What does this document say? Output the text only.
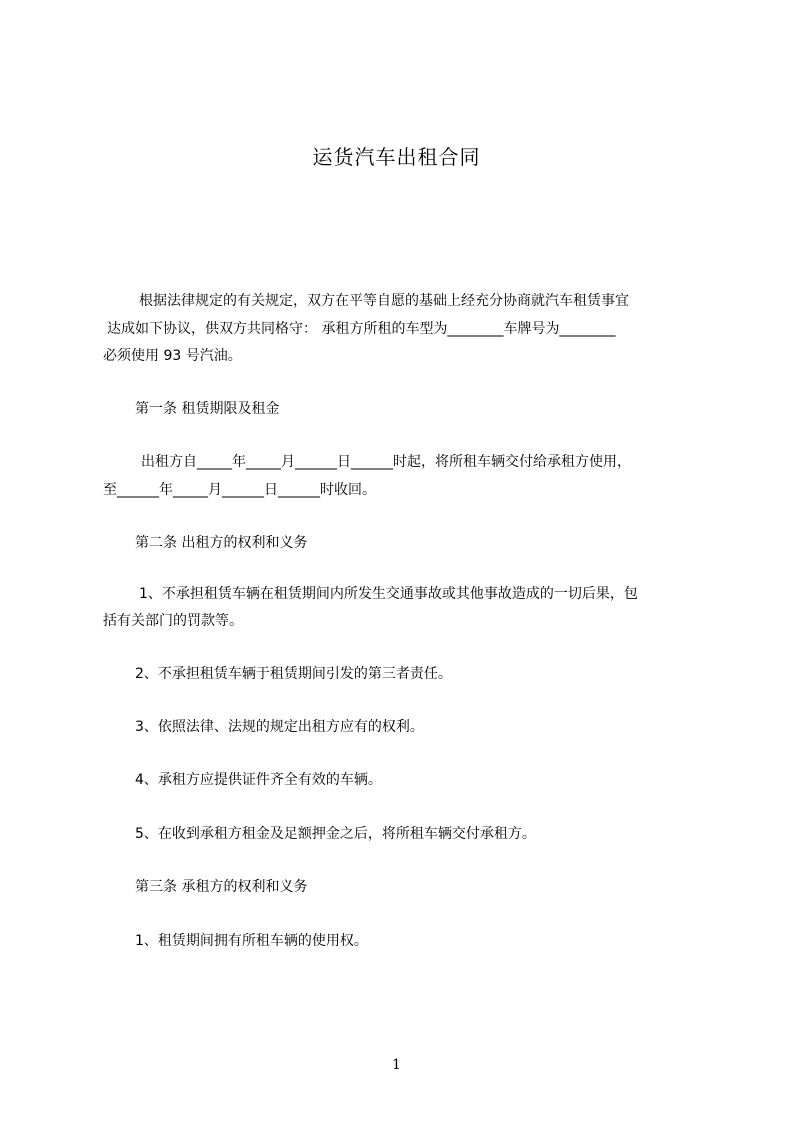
运货汽车出租合同
根据法律规定的有关规定，双方在平等自愿的基础上经充分协商就汽车租赁事宜
达成如下协议，供双方共同格守： 承租方所租的车型为________车牌号为________
必须使用 93 号汽油。
第一条 租赁期限及租金
出租方自_____年_____月______日______时起，将所租车辆交付给承租方使用，
至______年_____月______日______时收回。
第二条 出租方的权利和义务
1、不承担租赁车辆在租赁期间内所发生交通事故或其他事故造成的一切后果，包
括有关部门的罚款等。
2、不承担租赁车辆于租赁期间引发的第三者责任。
3、依照法律、法规的规定出租方应有的权利。
4、承租方应提供证件齐全有效的车辆。
5、在收到承租方租金及足额押金之后，将所租车辆交付承租方。
第三条 承租方的权利和义务
1、租赁期间拥有所租车辆的使用权。
1
